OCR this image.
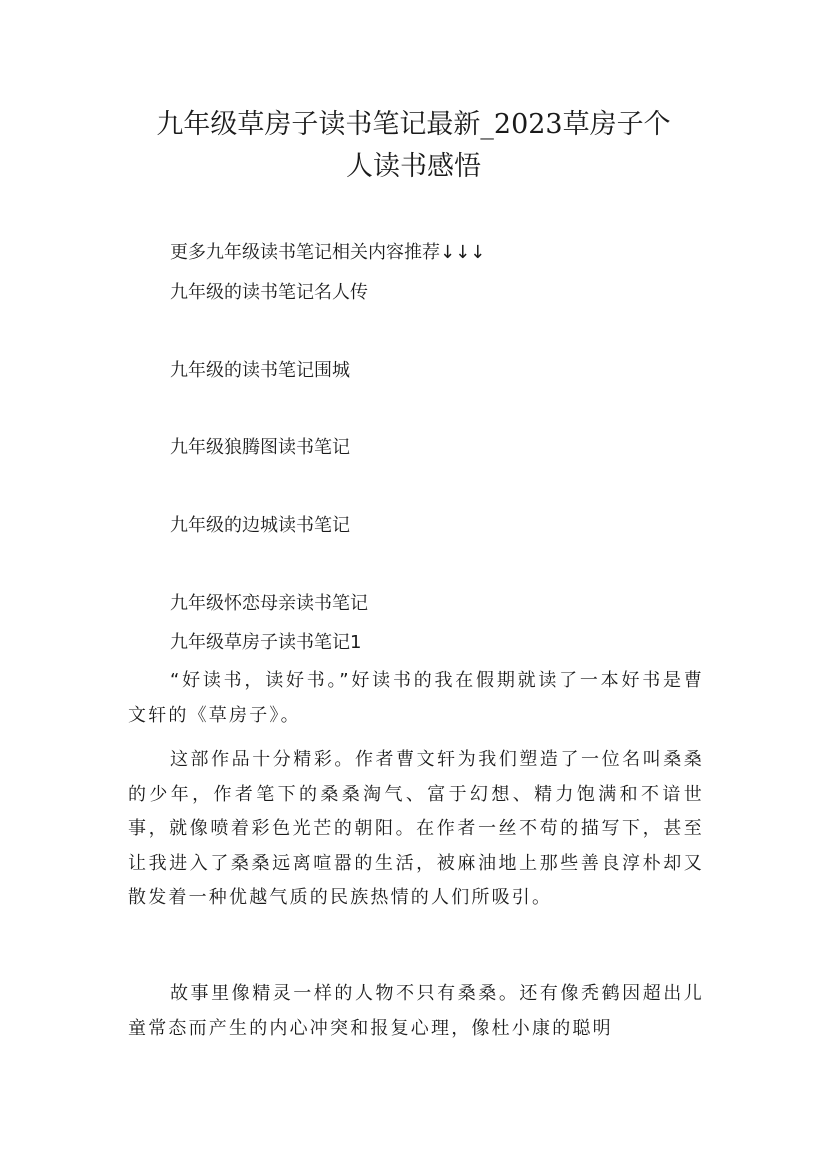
九年级草房子读书笔记最新_2023草房子个
人读书感悟

更多九年级读书笔记相关内容推荐↓↓↓

九年级的读书笔记名人传

九年级的读书笔记围城

九年级狼腾图读书笔记

九年级的边城读书笔记

九年级怀恋母亲读书笔记

九年级草房子读书笔记1

“好读书，读好书。”好读书的我在假期就读了一本好书是曹文轩的《草房子》。

这部作品十分精彩。作者曹文轩为我们塑造了一位名叫桑桑的少年，作者笔下的桑桑淘气、富于幻想、精力饱满和不谙世事，就像喷着彩色光芒的朝阳。在作者一丝不苟的描写下，甚至让我进入了桑桑远离喧嚣的生活，被麻油地上那些善良淳朴却又散发着一种优越气质的民族热情的人们所吸引。

故事里像精灵一样的人物不只有桑桑。还有像秃鹤因超出儿童常态而产生的内心冲突和报复心理，像杜小康的聪明
